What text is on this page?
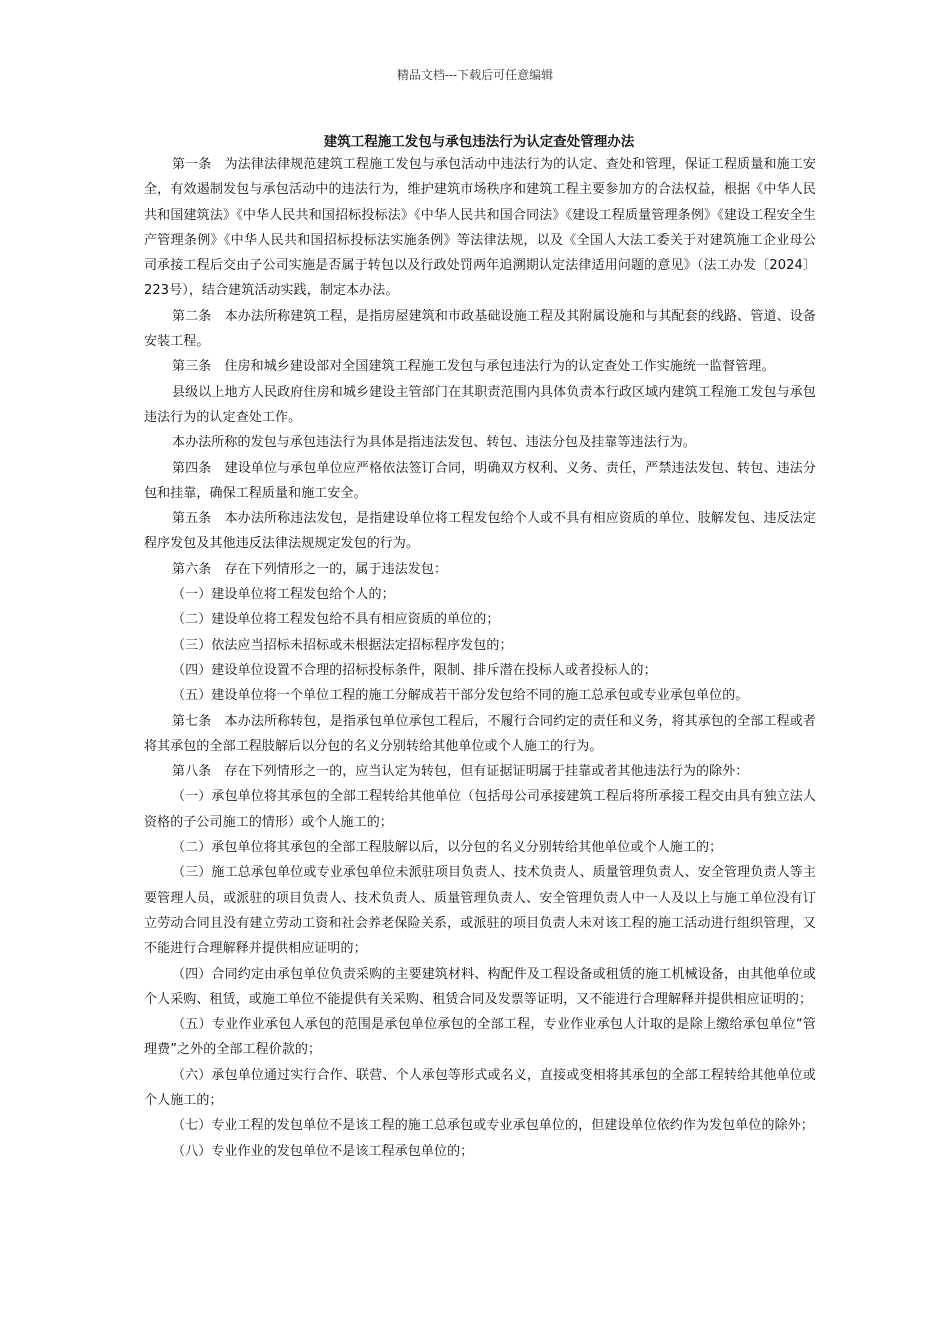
精品文档---下载后可任意编辑
建筑工程施工发包与承包违法行为认定查处管理办法

第一条　为法律法律规范建筑工程施工发包与承包活动中违法行为的认定、查处和管理，保证工程质量和施工安全，有效遏制发包与承包活动中的违法行为，维护建筑市场秩序和建筑工程主要参加方的合法权益，根据《中华人民共和国建筑法》《中华人民共和国招标投标法》《中华人民共和国合同法》《建设工程质量管理条例》《建设工程安全生产管理条例》《中华人民共和国招标投标法实施条例》等法律法规，以及《全国人大法工委关于对建筑施工企业母公司承接工程后交由子公司实施是否属于转包以及行政处罚两年追溯期认定法律适用问题的意见》（法工办发〔2024〕223号），结合建筑活动实践，制定本办法。

第二条　本办法所称建筑工程，是指房屋建筑和市政基础设施工程及其附属设施和与其配套的线路、管道、设备安装工程。

第三条　住房和城乡建设部对全国建筑工程施工发包与承包违法行为的认定查处工作实施统一监督管理。

县级以上地方人民政府住房和城乡建设主管部门在其职责范围内具体负责本行政区域内建筑工程施工发包与承包违法行为的认定查处工作。

本办法所称的发包与承包违法行为具体是指违法发包、转包、违法分包及挂靠等违法行为。

第四条　建设单位与承包单位应严格依法签订合同，明确双方权利、义务、责任，严禁违法发包、转包、违法分包和挂靠，确保工程质量和施工安全。

第五条　本办法所称违法发包，是指建设单位将工程发包给个人或不具有相应资质的单位、肢解发包、违反法定程序发包及其他违反法律法规规定发包的行为。

第六条　存在下列情形之一的，属于违法发包：

（一）建设单位将工程发包给个人的；

（二）建设单位将工程发包给不具有相应资质的单位的；

（三）依法应当招标未招标或未根据法定招标程序发包的；

（四）建设单位设置不合理的招标投标条件，限制、排斥潜在投标人或者投标人的；

（五）建设单位将一个单位工程的施工分解成若干部分发包给不同的施工总承包或专业承包单位的。

第七条　本办法所称转包，是指承包单位承包工程后，不履行合同约定的责任和义务，将其承包的全部工程或者将其承包的全部工程肢解后以分包的名义分别转给其他单位或个人施工的行为。

第八条　存在下列情形之一的，应当认定为转包，但有证据证明属于挂靠或者其他违法行为的除外：

（一）承包单位将其承包的全部工程转给其他单位（包括母公司承接建筑工程后将所承接工程交由具有独立法人资格的子公司施工的情形）或个人施工的；

（二）承包单位将其承包的全部工程肢解以后，以分包的名义分别转给其他单位或个人施工的；

（三）施工总承包单位或专业承包单位未派驻项目负责人、技术负责人、质量管理负责人、安全管理负责人等主要管理人员，或派驻的项目负责人、技术负责人、质量管理负责人、安全管理负责人中一人及以上与施工单位没有订立劳动合同且没有建立劳动工资和社会养老保险关系，或派驻的项目负责人未对该工程的施工活动进行组织管理，又不能进行合理解释并提供相应证明的；

（四）合同约定由承包单位负责采购的主要建筑材料、构配件及工程设备或租赁的施工机械设备，由其他单位或个人采购、租赁，或施工单位不能提供有关采购、租赁合同及发票等证明，又不能进行合理解释并提供相应证明的；

（五）专业作业承包人承包的范围是承包单位承包的全部工程，专业作业承包人计取的是除上缴给承包单位“管理费”之外的全部工程价款的；

（六）承包单位通过实行合作、联营、个人承包等形式或名义，直接或变相将其承包的全部工程转给其他单位或个人施工的；

（七）专业工程的发包单位不是该工程的施工总承包或专业承包单位的，但建设单位依约作为发包单位的除外；

（八）专业作业的发包单位不是该工程承包单位的；
